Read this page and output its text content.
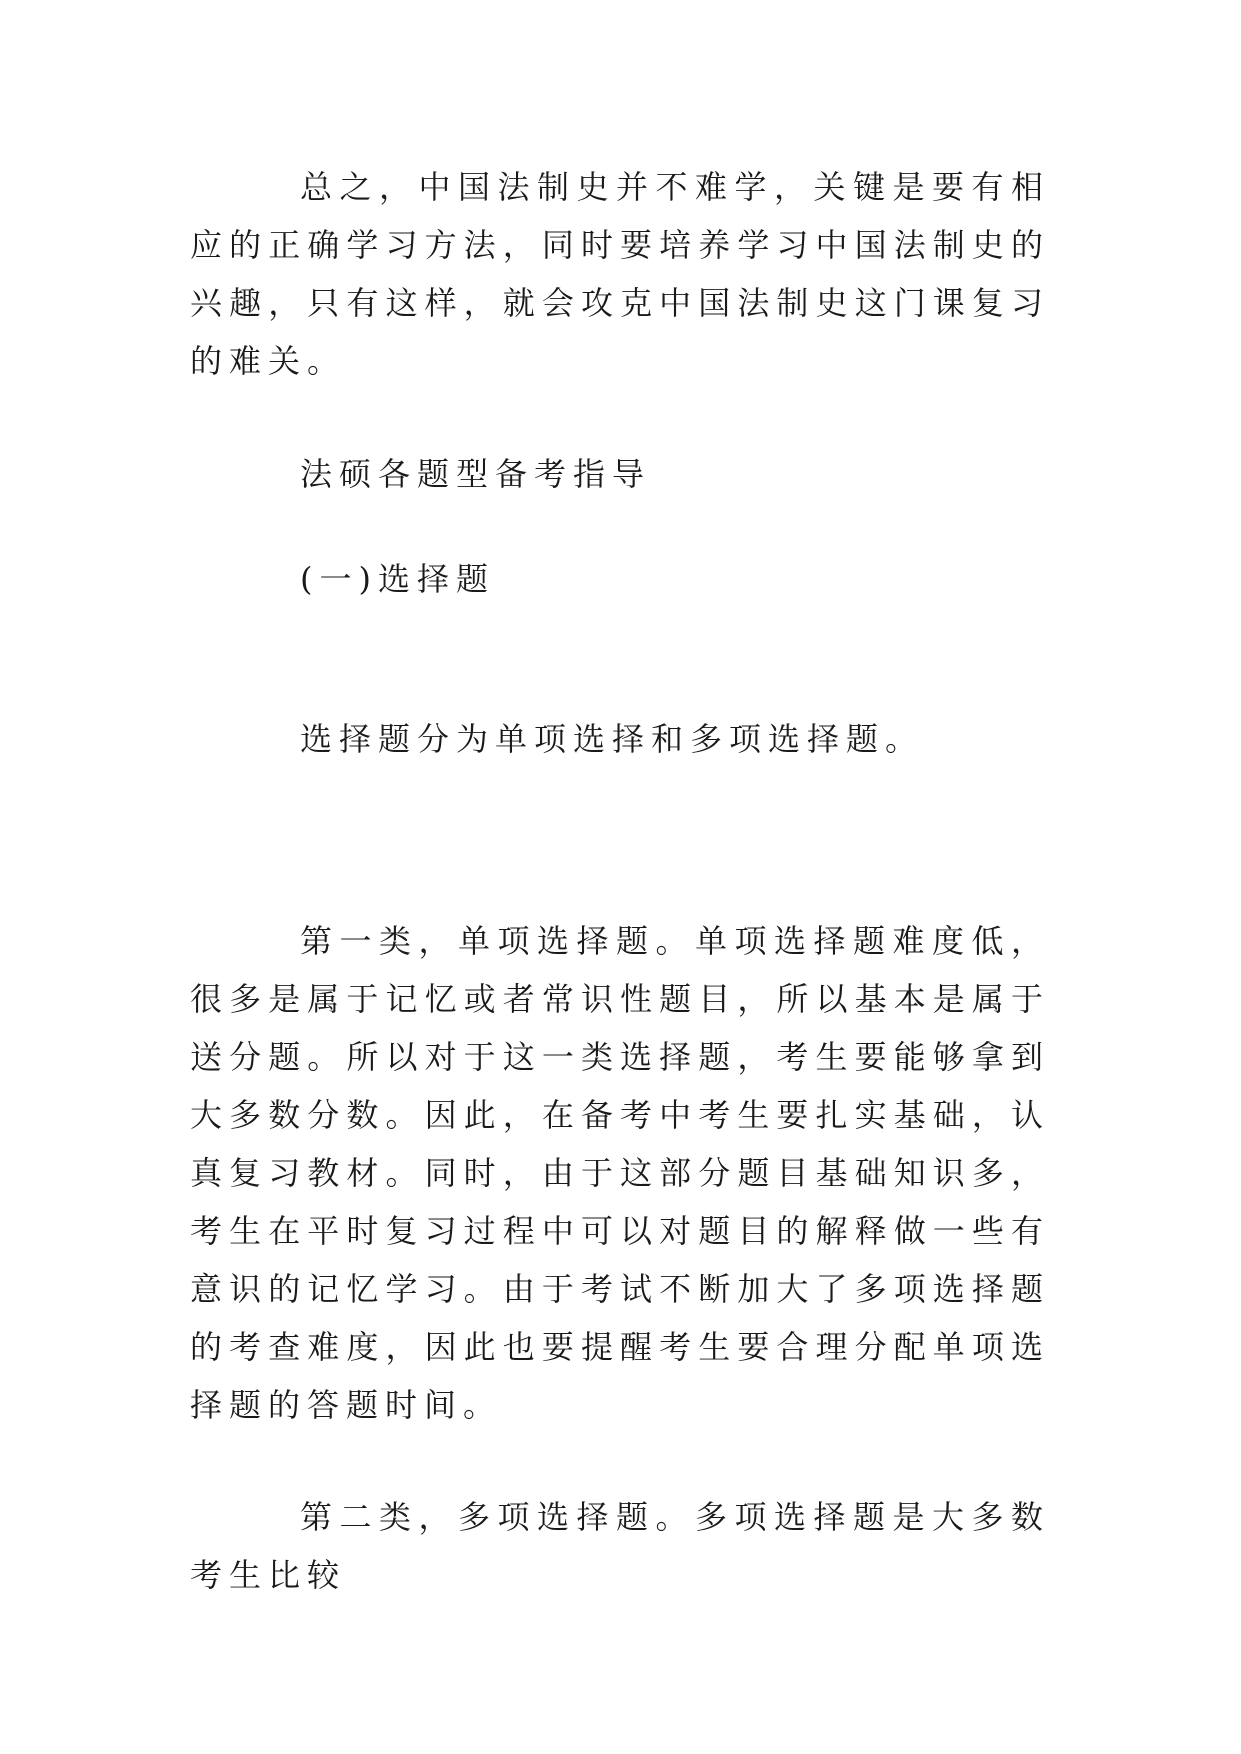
总之，中国法制史并不难学，关键是要有相应的正确学习方法，同时要培养学习中国法制史的兴趣，只有这样，就会攻克中国法制史这门课复习的难关。

法硕各题型备考指导

(一)选择题

选择题分为单项选择和多项选择题。

第一类，单项选择题。单项选择题难度低，很多是属于记忆或者常识性题目，所以基本是属于送分题。所以对于这一类选择题，考生要能够拿到大多数分数。因此，在备考中考生要扎实基础，认真复习教材。同时，由于这部分题目基础知识多，考生在平时复习过程中可以对题目的解释做一些有意识的记忆学习。由于考试不断加大了多项选择题的考查难度，因此也要提醒考生要合理分配单项选择题的答题时间。

第二类，多项选择题。多项选择题是大多数考生比较
